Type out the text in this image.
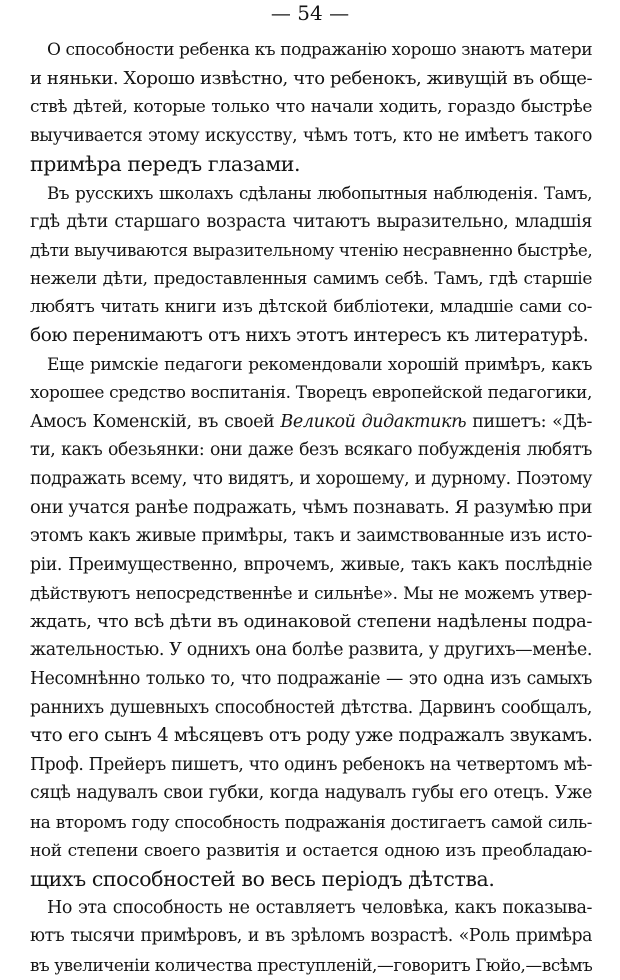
— 54 —
О способности ребенка къ подражанію хорошо знаютъ матери
и няньки. Хорошо извѣстно, что ребенокъ, живущій въ обще-
ствѣ дѣтей, которые только что начали ходить, гораздо быстрѣе
выучивается этому искусству, чѣмъ тотъ, кто не имѣетъ такого
примѣра передъ глазами.
Въ русскихъ школахъ сдѣланы любопытныя наблюденія. Тамъ,
гдѣ дѣти старшаго возраста читаютъ выразительно, младшія
дѣти выучиваются выразительному чтенію несравненно быстрѣе,
нежели дѣти, предоставленныя самимъ себѣ. Тамъ, гдѣ старшіе
любятъ читать книги изъ дѣтской библіотеки, младшіе сами со-
бою перенимаютъ отъ нихъ этотъ интересъ къ литературѣ.
Еще римскіе педагоги рекомендовали хорошій примѣръ, какъ
хорошее средство воспитанія. Творецъ европейской педагогики,
Амосъ Коменскій, въ своей Великой дидактикѣ пишетъ: «Дѣ-
ти, какъ обезьянки: они даже безъ всякаго побужденія любятъ
подражать всему, что видятъ, и хорошему, и дурному. Поэтому
они учатся ранѣе подражать, чѣмъ познавать. Я разумѣю при
этомъ какъ живые примѣры, такъ и заимствованные изъ исто-
ріи. Преимущественно, впрочемъ, живые, такъ какъ послѣдніе
дѣйствуютъ непосредственнѣе и сильнѣе». Мы не можемъ утвер-
ждать, что всѣ дѣти въ одинаковой степени надѣлены подра-
жательностью. У однихъ она болѣе развита, у другихъ—менѣе.
Несомнѣнно только то, что подражаніе — это одна изъ самыхъ
раннихъ душевныхъ способностей дѣтства. Дарвинъ сообщалъ,
что его сынъ 4 мѣсяцевъ отъ роду уже подражалъ звукамъ.
Проф. Прейеръ пишетъ, что одинъ ребенокъ на четвертомъ мѣ-
сяцѣ надувалъ свои губки, когда надувалъ губы его отецъ. Уже
на второмъ году способность подражанія достигаетъ самой силь-
ной степени своего развитія и остается одною изъ преобладаю-
щихъ способностей во весь періодъ дѣтства.
Но эта способность не оставляетъ человѣка, какъ показыва-
ютъ тысячи примѣровъ, и въ зрѣломъ возрастѣ. «Роль примѣра
въ увеличеніи количества преступленій,—говоритъ Гюйо,—всѣмъ
